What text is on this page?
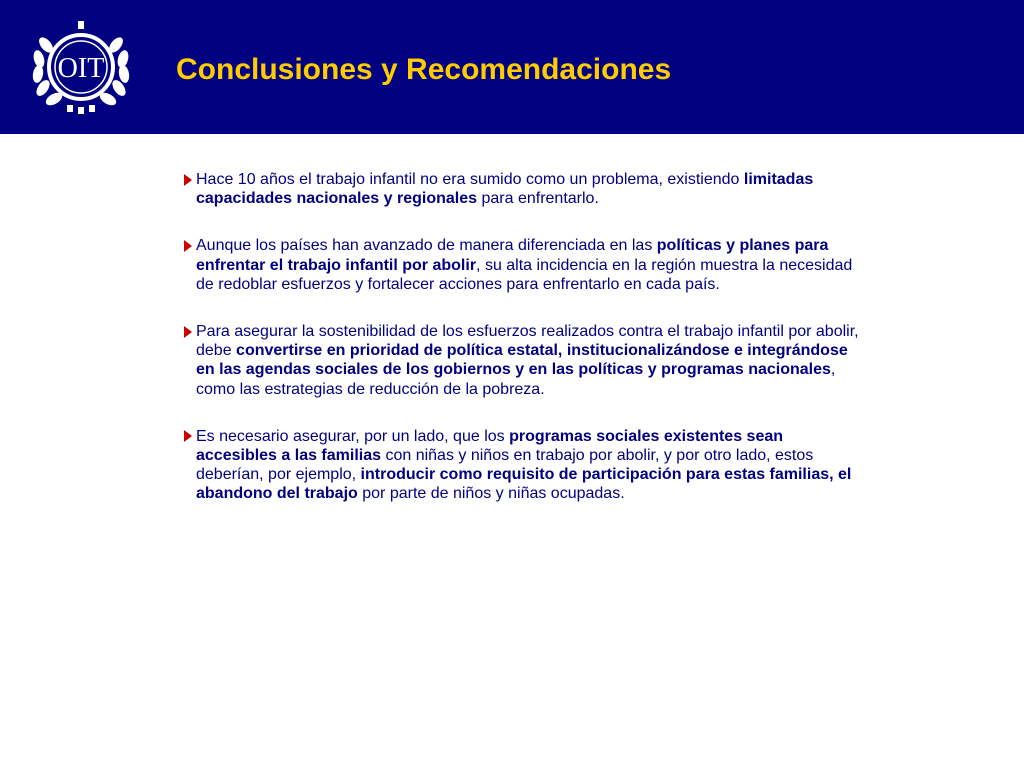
OIT Conclusiones y Recomendaciones
Hace 10 años el trabajo infantil no era sumido como un problema, existiendo limitadas capacidades nacionales y regionales para enfrentarlo.
Aunque los países han avanzado de manera diferenciada en las políticas y planes para enfrentar el trabajo infantil por abolir, su alta incidencia en la región muestra la necesidad de redoblar esfuerzos y fortalecer acciones para enfrentarlo en cada país.
Para asegurar la sostenibilidad de los esfuerzos realizados contra el trabajo infantil por abolir, debe convertirse en prioridad de política estatal, institucionalizándose e integrándose en las agendas sociales de los gobiernos y en las políticas y programas nacionales, como las estrategias de reducción de la pobreza.
Es necesario asegurar, por un lado, que los programas sociales existentes sean accesibles a las familias con niñas y niños en trabajo por abolir, y por otro lado, estos deberían, por ejemplo, introducir como requisito de participación para estas familias, el abandono del trabajo por parte de niños y niñas ocupadas.
